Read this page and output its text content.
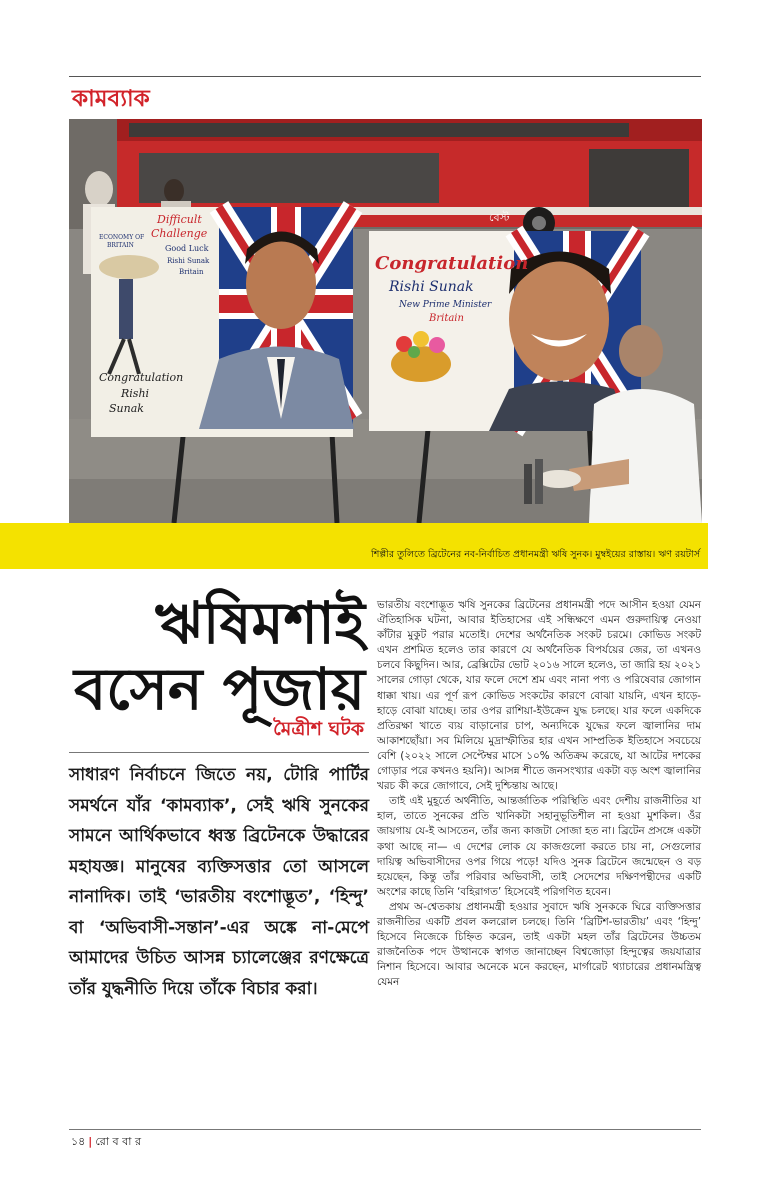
কামব্যাক
বেস্ট
ECONOMY OF
BRITAIN
Difficult
Challenge
Good Luck
Rishi Sunak
Britain
Congratulation
Rishi
Sunak
Congratulation
Rishi Sunak
New Prime Minister
Britain
শিল্পীর তুলিতে ব্রিটেনের নব-নির্বাচিত প্রধানমন্ত্রী ঋষি সুনক। মুম্বইয়ের রাস্তায়। ঋণ রয়টার্স
ঋষিমশাই
বসেন পূজায়
মৈত্রীশ ঘটক

সাধারণ নির্বাচনে জিতে নয়, টোরি পার্টির সমর্থনে যাঁর ‘কামব্যাক’, সেই ঋষি সুনকের সামনে আর্থিকভাবে ধ্বস্ত ব্রিটেনকে উদ্ধারের মহাযজ্ঞ। মানুষের ব্যক্তিসত্তার তো আসলে নানাদিক। তাই ‘ভারতীয় বংশোদ্ভূত’, ‘হিন্দু’ বা ‘অভিবাসী-সন্তান’-এর অঙ্কে না-মেপে আমাদের উচিত আসন্ন চ্যালেঞ্জের রণক্ষেত্রে তাঁর যুদ্ধনীতি দিয়ে তাঁকে বিচার করা।

ভারতীয় বংশোদ্ভূত ঋষি সুনকের ব্রিটেনের প্রধানমন্ত্রী পদে আসীন হওয়া যেমন ঐতিহাসিক ঘটনা, আবার ইতিহাসের এই সন্ধিক্ষণে এমন গুরুদায়িত্ব নেওয়া কাঁটার মুকুট পরার মতোই। দেশের অর্থনৈতিক সংকট চরমে। কোভিড সংকট এখন প্রশমিত হলেও তার কারণে যে অর্থনৈতিক বিপর্যয়ের জের, তা এখনও চলবে কিছুদিন। আর, ব্রেক্সিটের ভোট ২০১৬ সালে হলেও, তা জারি হয় ২০২১ সালের গোড়া থেকে, যার ফলে দেশে শ্রম এবং নানা পণ্য ও পরিষেবার জোগান ধাক্কা খায়। এর পূর্ণ রূপ কোভিড সংকটের কারণে বোঝা যায়নি, এখন হাড়ে-হাড়ে বোঝা যাচ্ছে। তার ওপর রাশিয়া-ইউক্রেন যুদ্ধ চলছে। যার ফলে একদিকে প্রতিরক্ষা খাতে ব্যয় বাড়ানোর চাপ, অন্যদিকে যুদ্ধের ফলে জ্বালানির দাম আকাশছোঁয়া। সব মিলিয়ে মুদ্রাস্ফীতির হার এখন সাম্প্রতিক ইতিহাসে সবচেয়ে বেশি (২০২২ সালে সেপ্টেম্বর মাসে ১০% অতিক্রম করেছে, যা আটের দশকের গোড়ার পরে কখনও হয়নি)। আসন্ন শীতে জনসংখ্যার একটা বড় অংশ জ্বালানির খরচ কী করে জোগাবে, সেই দুশ্চিন্তায় আছে।

তাই এই মুহূর্তে অর্থনীতি, আন্তর্জাতিক পরিস্থিতি এবং দেশীয় রাজনীতির যা হাল, তাতে সুনকের প্রতি খানিকটা সহানুভূতিশীল না হওয়া মুশকিল। ওঁর জায়গায় যে-ই আসতেন, তাঁর জন্য কাজটা সোজা হত না। ব্রিটেন প্রসঙ্গে একটা কথা আছে না— এ দেশের লোক যে কাজগুলো করতে চায় না, সেগুলোর দায়িত্ব অভিবাসীদের ওপর গিয়ে পড়ে! যদিও সুনক ব্রিটেনে জন্মেছেন ও বড় হয়েছেন, কিন্তু তাঁর পরিবার অভিবাসী, তাই সেদেশের দক্ষিণপন্থীদের একটি অংশের কাছে তিনি ‘বহিরাগত’ হিসেবেই পরিগণিত হবেন।

প্রথম অ-শ্বেতকায় প্রধানমন্ত্রী হওয়ার সুবাদে ঋষি সুনককে ঘিরে ব্যক্তিসত্তার রাজনীতির একটি প্রবল কলরোল চলছে। তিনি ‘ব্রিটিশ-ভারতীয়’ এবং ‘হিন্দু’ হিসেবে নিজেকে চিহ্নিত করেন, তাই একটা মহল তাঁর ব্রিটেনের উচ্চতম রাজনৈতিক পদে উত্থানকে স্বাগত জানাচ্ছেন বিশ্বজোড়া হিন্দুত্বের জয়যাত্রার নিশান হিসেবে। আবার অনেকে মনে করছেন, মার্গারেট থ্যাচারের প্রধানমন্ত্রিত্ব যেমন

১৪ | রো ব বা র
